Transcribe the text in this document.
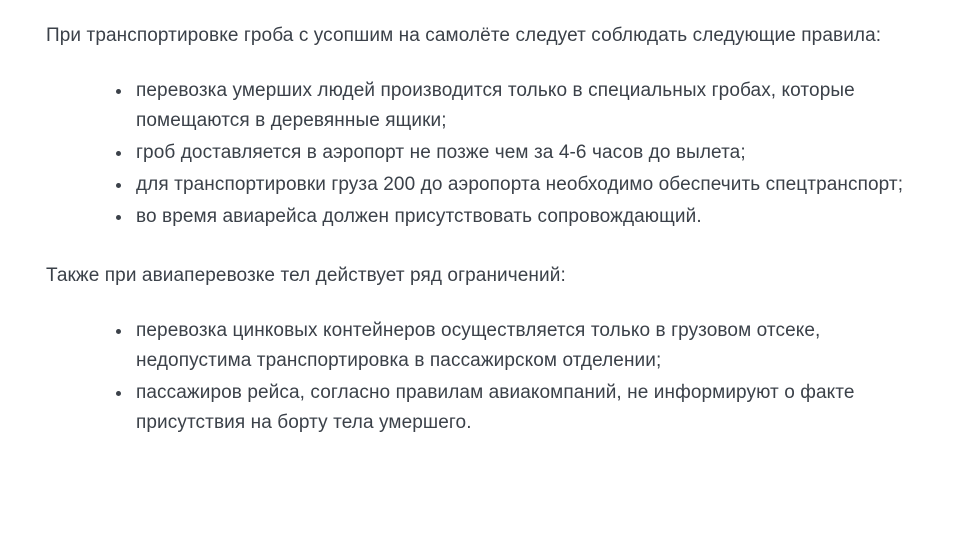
При транспортировке гроба с усопшим на самолёте следует соблюдать следующие правила:

перевозка умерших людей производится только в специальных гробах, которые помещаются в деревянные ящики;
гроб доставляется в аэропорт не позже чем за 4-6 часов до вылета;
для транспортировки груза 200 до аэропорта необходимо обеспечить спецтранспорт;
во время авиарейса должен присутствовать сопровождающий.

Также при авиаперевозке тел действует ряд ограничений:

перевозка цинковых контейнеров осуществляется только в грузовом отсеке, недопустима транспортировка в пассажирском отделении;
пассажиров рейса, согласно правилам авиакомпаний, не информируют о факте присутствия на борту тела умершего.
